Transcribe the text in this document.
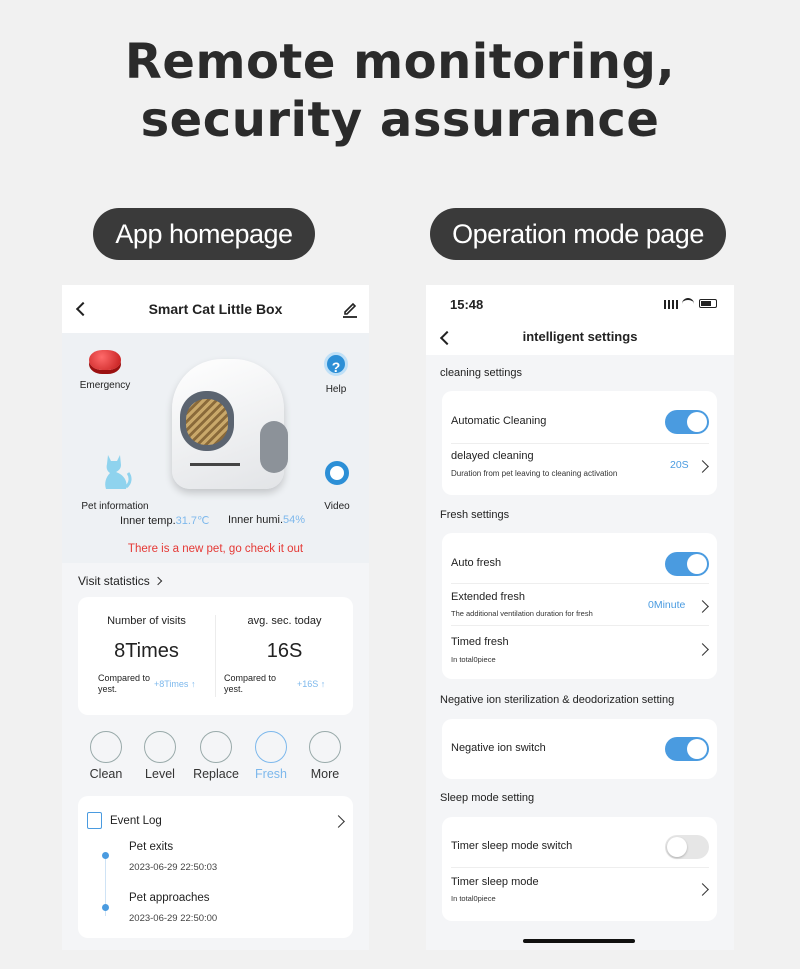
Remote monitoring,
security assurance
App homepage	Operation mode page
Smart Cat Little Box
Emergency
?
Help
Pet information	Video
Inner temp.31.7℃ Inner humi.54%
There is a new pet, go check it out
Visit statistics
Number of visits
8Times
Compared to yest.	+8Times ↑
avg. sec. today
16S
Compared to yest.	+16S ↑
Clean	Level	Replace	Fresh	More
Event Log
Pet exits
2023-06-29 22:50:03
Pet approaches
2023-06-29 22:50:00
15:48
intelligent settings
cleaning settings
Automatic Cleaning
delayed cleaning
Duration from pet leaving to cleaning activation
20S
Fresh settings
Auto fresh
Extended fresh
The additional ventilation duration for fresh
0Minute
Timed fresh
In total0piece
Negative ion sterilization & deodorization setting
Negative ion switch
Sleep mode setting
Timer sleep mode switch
Timer sleep mode
In total0piece
